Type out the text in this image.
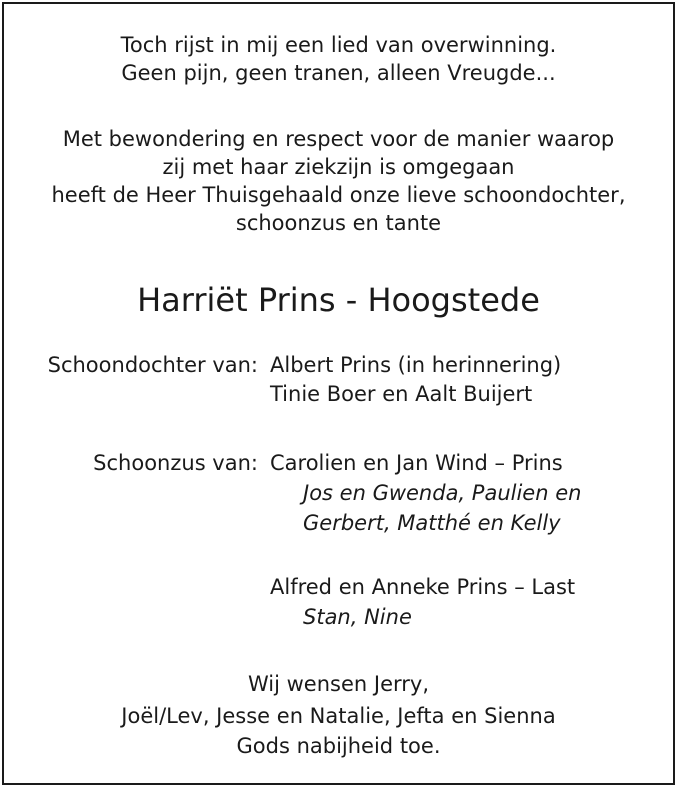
Toch rijst in mij een lied van overwinning.
Geen pijn, geen tranen, alleen Vreugde...
Met bewondering en respect voor de manier waarop
zij met haar ziekzijn is omgegaan
heeft de Heer Thuisgehaald onze lieve schoondochter,
schoonzus en tante
Harriët Prins - Hoogstede
Schoondochter van: Albert Prins (in herinnering)
Tinie Boer en Aalt Buijert
Schoonzus van: Carolien en Jan Wind – Prins
Jos en Gwenda, Paulien en
Gerbert, Matthé en Kelly
Alfred en Anneke Prins – Last
Stan, Nine
Wij wensen Jerry,
Joël/Lev, Jesse en Natalie, Jefta en Sienna
Gods nabijheid toe.
